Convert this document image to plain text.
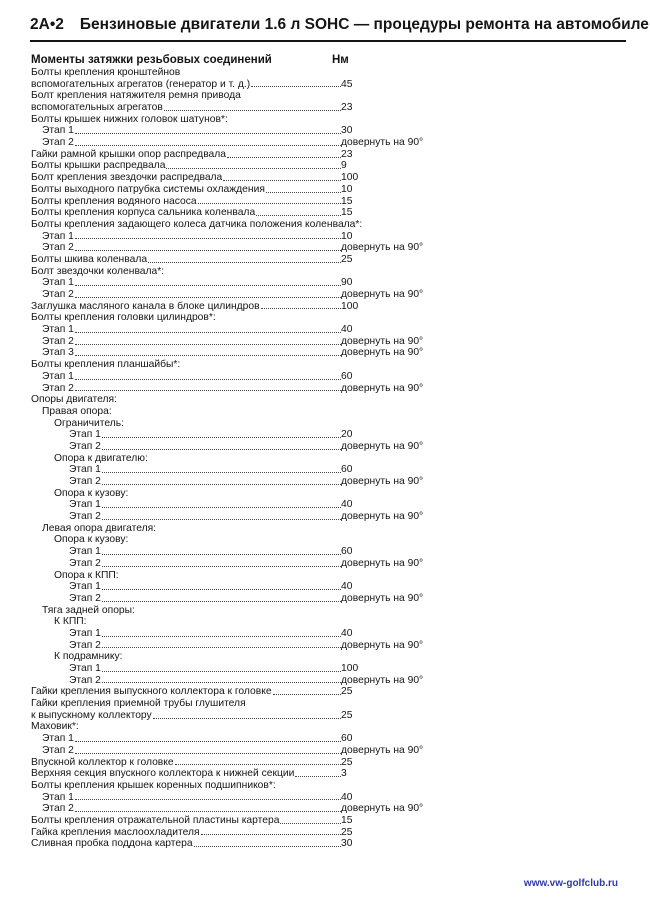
2A•2 Бензиновые двигатели 1.6 л SOHC — процедуры ремонта на автомобиле
Моменты затяжки резьбовых соединений	Нм
Болты крепления кронштейнов
вспомогательных агрегатов (генератор и т. д.)	45
Болт крепления натяжителя ремня привода
вспомогательных агрегатов	23
Болты крышек нижних головок шатунов*:
Этап 1	30
Этап 2	довернуть на 90°
Гайки рамной крышки опор распредвала	23
Болты крышки распредвала	9
Болт крепления звездочки распредвала	100
Болты выходного патрубка системы охлаждения	10
Болты крепления водяного насоса	15
Болты крепления корпуса сальника коленвала	15
Болты крепления задающего колеса датчика положения коленвала*:
Этап 1	10
Этап 2	довернуть на 90°
Болты шкива коленвала	25
Болт звездочки коленвала*:
Этап 1	90
Этап 2	довернуть на 90°
Заглушка масляного канала в блоке цилиндров	100
Болты крепления головки цилиндров*:
Этап 1	40
Этап 2	довернуть на 90°
Этап 3	довернуть на 90°
Болты крепления планшайбы*:
Этап 1	60
Этап 2	довернуть на 90°
Опоры двигателя:
Правая опора:
Ограничитель:
Этап 1	20
Этап 2	довернуть на 90°
Опора к двигателю:
Этап 1	60
Этап 2	довернуть на 90°
Опора к кузову:
Этап 1	40
Этап 2	довернуть на 90°
Левая опора двигателя:
Опора к кузову:
Этап 1	60
Этап 2	довернуть на 90°
Опора к КПП:
Этап 1	40
Этап 2	довернуть на 90°
Тяга задней опоры:
К КПП:
Этап 1	40
Этап 2	довернуть на 90°
К подрамнику:
Этап 1	100
Этап 2	довернуть на 90°
Гайки крепления выпускного коллектора к головке	25
Гайки крепления приемной трубы глушителя
к выпускному коллектору	25
Маховик*:
Этап 1	60
Этап 2	довернуть на 90°
Впускной коллектор к головке	25
Верхняя секция впускного коллектора к нижней секции	3
Болты крепления крышек коренных подшипников*:
Этап 1	40
Этап 2	довернуть на 90°
Болты крепления отражательной пластины картера	15
Гайка крепления маслоохладителя	25
Сливная пробка поддона картера	30
www.vw-golfclub.ru
